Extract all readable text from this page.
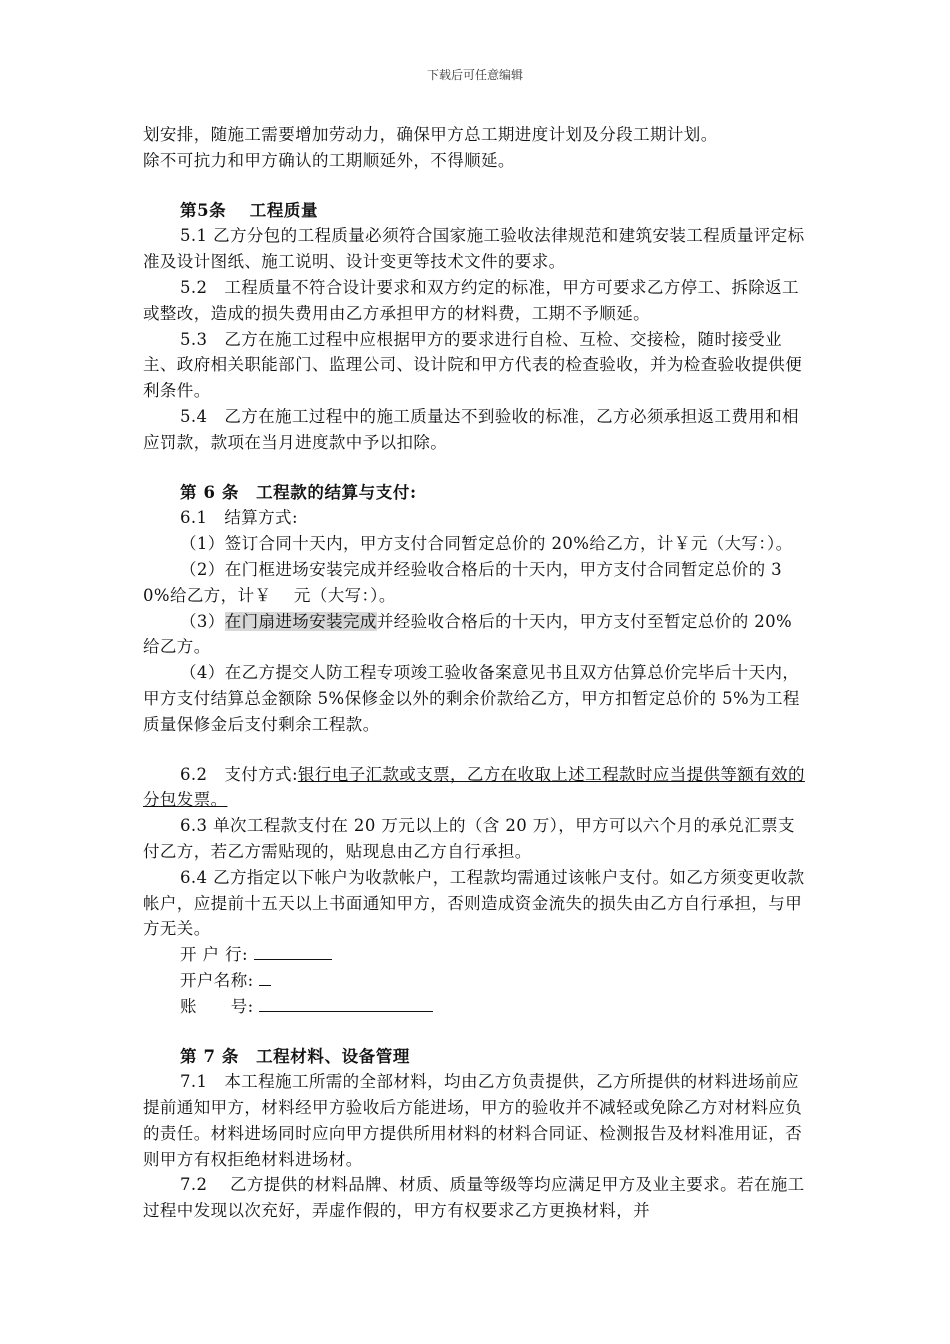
下载后可任意编辑

划安排，随施工需要增加劳动力，确保甲方总工期进度计划及分段工期计划。

除不可抗力和甲方确认的工期顺延外，不得顺延。

第5条　 工程质量

5.1 乙方分包的工程质量必须符合国家施工验收法律规范和建筑安装工程质量评定标准及设计图纸、施工说明、设计变更等技术文件的要求。

5.2　工程质量不符合设计要求和双方约定的标准，甲方可要求乙方停工、拆除返工或整改，造成的损失费用由乙方承担甲方的材料费，工期不予顺延。

5.3　乙方在施工过程中应根据甲方的要求进行自检、互检、交接检，随时接受业主、政府相关职能部门、监理公司、设计院和甲方代表的检查验收，并为检查验收提供便利条件。

5.4　乙方在施工过程中的施工质量达不到验收的标准，乙方必须承担返工费用和相应罚款，款项在当月进度款中予以扣除。

第 6 条　工程款的结算与支付:

6.1　结算方式:

（1）签订合同十天内，甲方支付合同暂定总价的 20%给乙方，计￥元（大写：）。

（2）在门框进场安装完成并经验收合格后的十天内，甲方支付合同暂定总价的 30%给乙方，计￥　 元（大写：）。

（3）在门扇进场安装完成并经验收合格后的十天内，甲方支付至暂定总价的 20%给乙方。

（4）在乙方提交人防工程专项竣工验收备案意见书且双方估算总价完毕后十天内，甲方支付结算总金额除 5%保修金以外的剩余价款给乙方，甲方扣暂定总价的 5%为工程质量保修金后支付剩余工程款。

6.2　支付方式:银行电子汇款或支票，乙方在收取上述工程款时应当提供等额有效的分包发票。

6.3 单次工程款支付在 20 万元以上的（含 20 万），甲方可以六个月的承兑汇票支付乙方，若乙方需贴现的，贴现息由乙方自行承担。

6.4 乙方指定以下帐户为收款帐户，工程款均需通过该帐户支付。如乙方须变更收款帐户，应提前十五天以上书面通知甲方，否则造成资金流失的损失由乙方自行承担，与甲方无关。

开 户 行:

开户名称:

账　　号:

第 7 条　工程材料、设备管理

7.1　本工程施工所需的全部材料，均由乙方负责提供，乙方所提供的材料进场前应提前通知甲方，材料经甲方验收后方能进场，甲方的验收并不减轻或免除乙方对材料应负的责任。材料进场同时应向甲方提供所用材料的材料合同证、检测报告及材料准用证，否则甲方有权拒绝材料进场材。

7.2　 乙方提供的材料品牌、材质、质量等级等均应满足甲方及业主要求。若在施工过程中发现以次充好，弄虚作假的，甲方有权要求乙方更换材料，并
